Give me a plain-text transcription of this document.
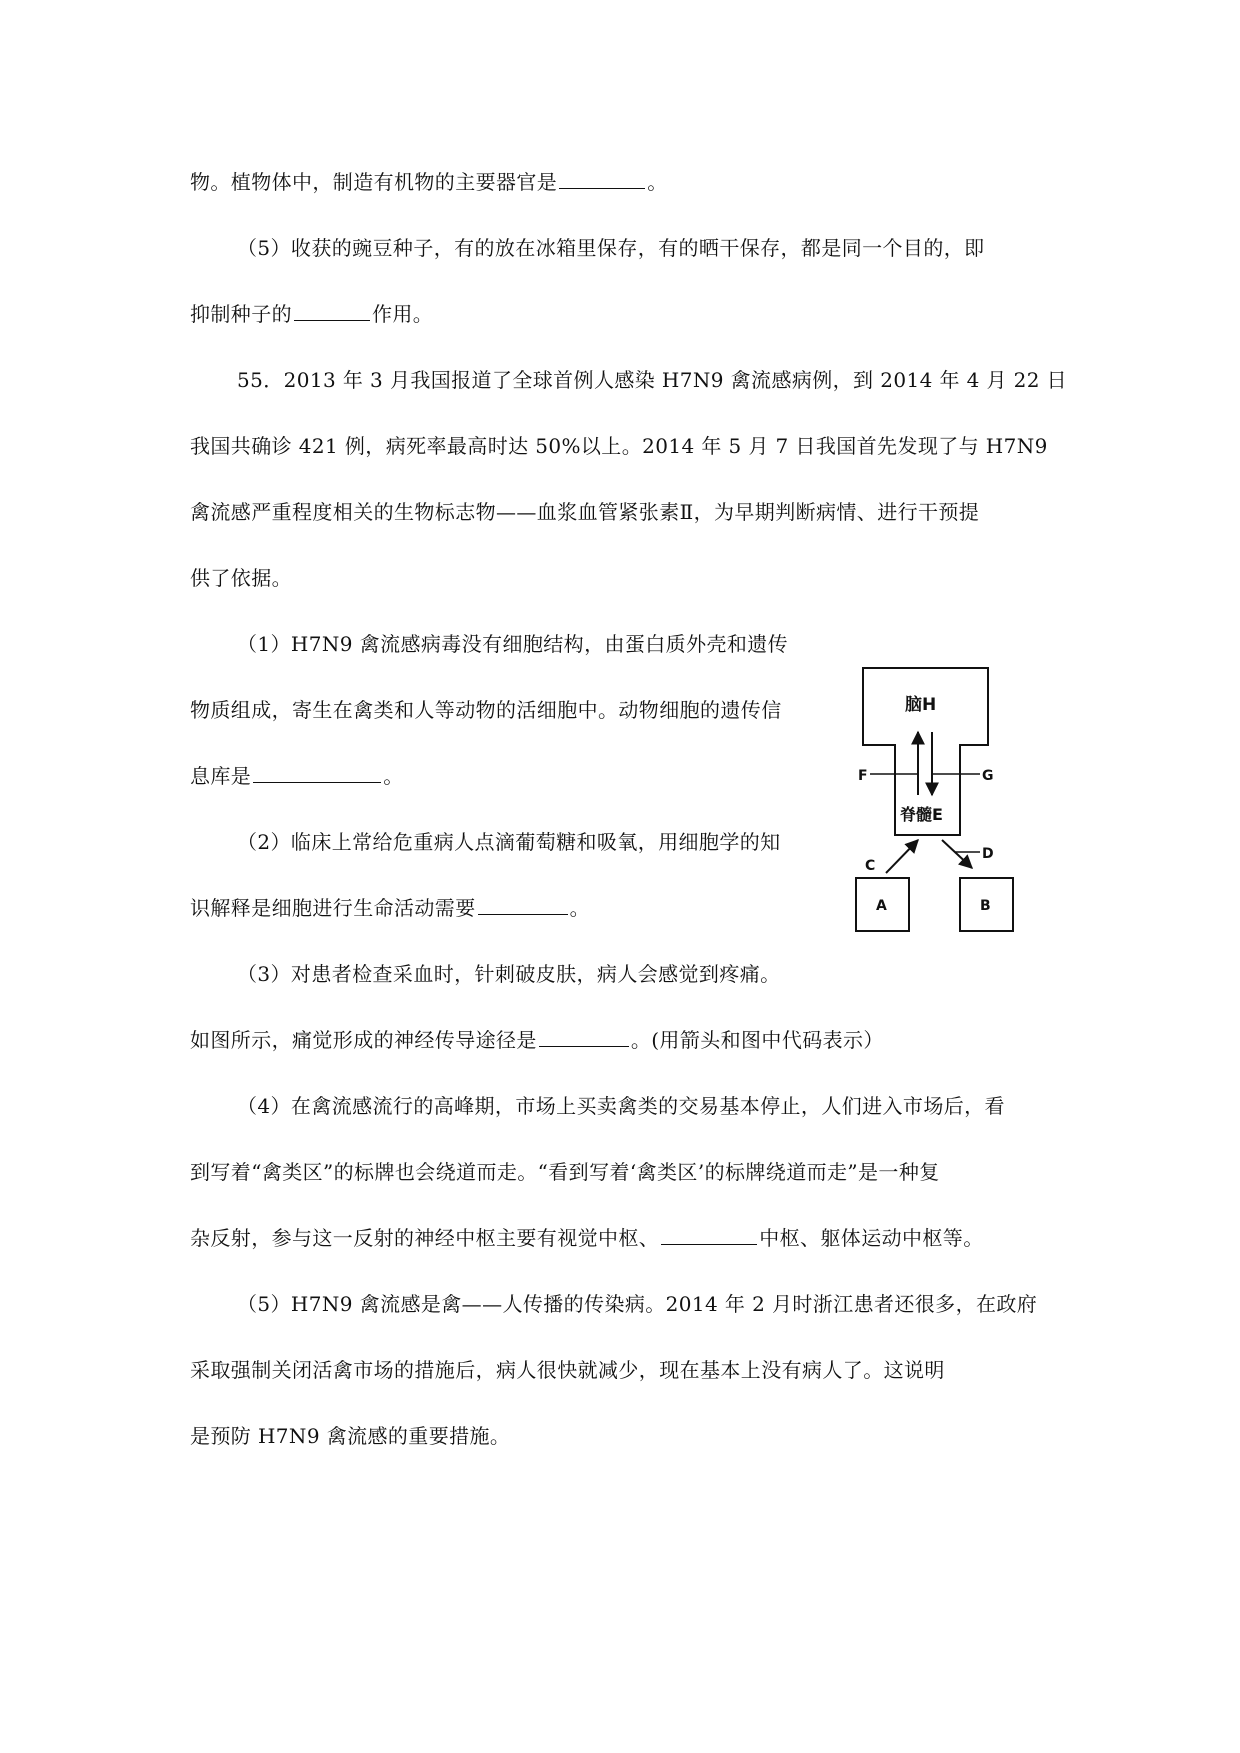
物。植物体中，制造有机物的主要器官是	。

（5）收获的豌豆种子，有的放在冰箱里保存，有的晒干保存，都是同一个目的，即

抑制种子的	作用。

55．2013 年 3 月我国报道了全球首例人感染 H7N9 禽流感病例，到 2014 年 4 月 22 日

我国共确诊 421 例，病死率最高时达 50%以上。2014 年 5 月 7 日我国首先发现了与 H7N9

禽流感严重程度相关的生物标志物——血浆血管紧张素Ⅱ，为早期判断病情、进行干预提

供了依据。

（1）H7N9 禽流感病毒没有细胞结构，由蛋白质外壳和遗传

物质组成，寄生在禽类和人等动物的活细胞中。动物细胞的遗传信

息库是	。

（2）临床上常给危重病人点滴葡萄糖和吸氧，用细胞学的知

识解释是细胞进行生命活动需要	。

（3）对患者检查采血时，针刺破皮肤，病人会感觉到疼痛。

如图所示，痛觉形成的神经传导途径是	。(用箭头和图中代码表示）

（4）在禽流感流行的高峰期，市场上买卖禽类的交易基本停止，人们进入市场后，看

到写着“禽类区”的标牌也会绕道而走。“看到写着‘禽类区’的标牌绕道而走”是一种复

杂反射，参与这一反射的神经中枢主要有视觉中枢、	中枢、躯体运动中枢等。

（5）H7N9 禽流感是禽——人传播的传染病。2014 年 2 月时浙江患者还很多，在政府

采取强制关闭活禽市场的措施后，病人很快就减少，现在基本上没有病人了。这说明

是预防 H7N9 禽流感的重要措施。

脑H
F	G
脊髓E
C
D
A	B
